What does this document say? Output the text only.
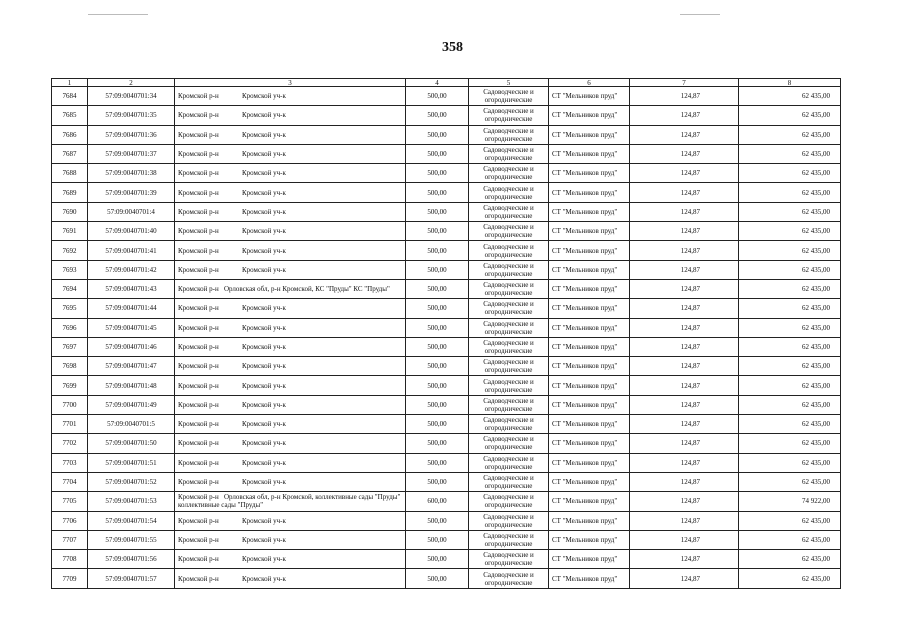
358
1	2	3	4	5	6	7	8
7684	57:09:0040701:34	Кромской р-н Кромской уч-к	500,00	Садоводческие и огороднические	СТ "Мельников пруд"	124,87	62 435,00
7685	57:09:0040701:35	Кромской р-н Кромской уч-к	500,00	Садоводческие и огороднические	СТ "Мельников пруд"	124,87	62 435,00
7686	57:09:0040701:36	Кромской р-н Кромской уч-к	500,00	Садоводческие и огороднические	СТ "Мельников пруд"	124,87	62 435,00
7687	57:09:0040701:37	Кромской р-н Кромской уч-к	500,00	Садоводческие и огороднические	СТ "Мельников пруд"	124,87	62 435,00
7688	57:09:0040701:38	Кромской р-н Кромской уч-к	500,00	Садоводческие и огороднические	СТ "Мельников пруд"	124,87	62 435,00
7689	57:09:0040701:39	Кромской р-н Кромской уч-к	500,00	Садоводческие и огороднические	СТ "Мельников пруд"	124,87	62 435,00
7690	57:09:0040701:4	Кромской р-н Кромской уч-к	500,00	Садоводческие и огороднические	СТ "Мельников пруд"	124,87	62 435,00
7691	57:09:0040701:40	Кромской р-н Кромской уч-к	500,00	Садоводческие и огороднические	СТ "Мельников пруд"	124,87	62 435,00
7692	57:09:0040701:41	Кромской р-н Кромской уч-к	500,00	Садоводческие и огороднические	СТ "Мельников пруд"	124,87	62 435,00
7693	57:09:0040701:42	Кромской р-н Кромской уч-к	500,00	Садоводческие и огороднические	СТ "Мельников пруд"	124,87	62 435,00
7694	57:09:0040701:43	Кромской р-н Орловская обл, р-н Кромской, КС "Пруды" КС "Пруды"	500,00	Садоводческие и огороднические	СТ "Мельников пруд"	124,87	62 435,00
7695	57:09:0040701:44	Кромской р-н Кромской уч-к	500,00	Садоводческие и огороднические	СТ "Мельников пруд"	124,87	62 435,00
7696	57:09:0040701:45	Кромской р-н Кромской уч-к	500,00	Садоводческие и огороднические	СТ "Мельников пруд"	124,87	62 435,00
7697	57:09:0040701:46	Кромской р-н Кромской уч-к	500,00	Садоводческие и огороднические	СТ "Мельников пруд"	124,87	62 435,00
7698	57:09:0040701:47	Кромской р-н Кромской уч-к	500,00	Садоводческие и огороднические	СТ "Мельников пруд"	124,87	62 435,00
7699	57:09:0040701:48	Кромской р-н Кромской уч-к	500,00	Садоводческие и огороднические	СТ "Мельников пруд"	124,87	62 435,00
7700	57:09:0040701:49	Кромской р-н Кромской уч-к	500,00	Садоводческие и огороднические	СТ "Мельников пруд"	124,87	62 435,00
7701	57:09:0040701:5	Кромской р-н Кромской уч-к	500,00	Садоводческие и огороднические	СТ "Мельников пруд"	124,87	62 435,00
7702	57:09:0040701:50	Кромской р-н Кромской уч-к	500,00	Садоводческие и огороднические	СТ "Мельников пруд"	124,87	62 435,00
7703	57:09:0040701:51	Кромской р-н Кромской уч-к	500,00	Садоводческие и огороднические	СТ "Мельников пруд"	124,87	62 435,00
7704	57:09:0040701:52	Кромской р-н Кромской уч-к	500,00	Садоводческие и огороднические	СТ "Мельников пруд"	124,87	62 435,00
7705	57:09:0040701:53	Кромской р-н Орловская обл, р-н Кромской, коллективные сады "Пруды" коллективные сады "Пруды"	600,00	Садоводческие и огороднические	СТ "Мельников пруд"	124,87	74 922,00
7706	57:09:0040701:54	Кромской р-н Кромской уч-к	500,00	Садоводческие и огороднические	СТ "Мельников пруд"	124,87	62 435,00
7707	57:09:0040701:55	Кромской р-н Кромской уч-к	500,00	Садоводческие и огороднические	СТ "Мельников пруд"	124,87	62 435,00
7708	57:09:0040701:56	Кромской р-н Кромской уч-к	500,00	Садоводческие и огороднические	СТ "Мельников пруд"	124,87	62 435,00
7709	57:09:0040701:57	Кромской р-н Кромской уч-к	500,00	Садоводческие и огороднические	СТ "Мельников пруд"	124,87	62 435,00
